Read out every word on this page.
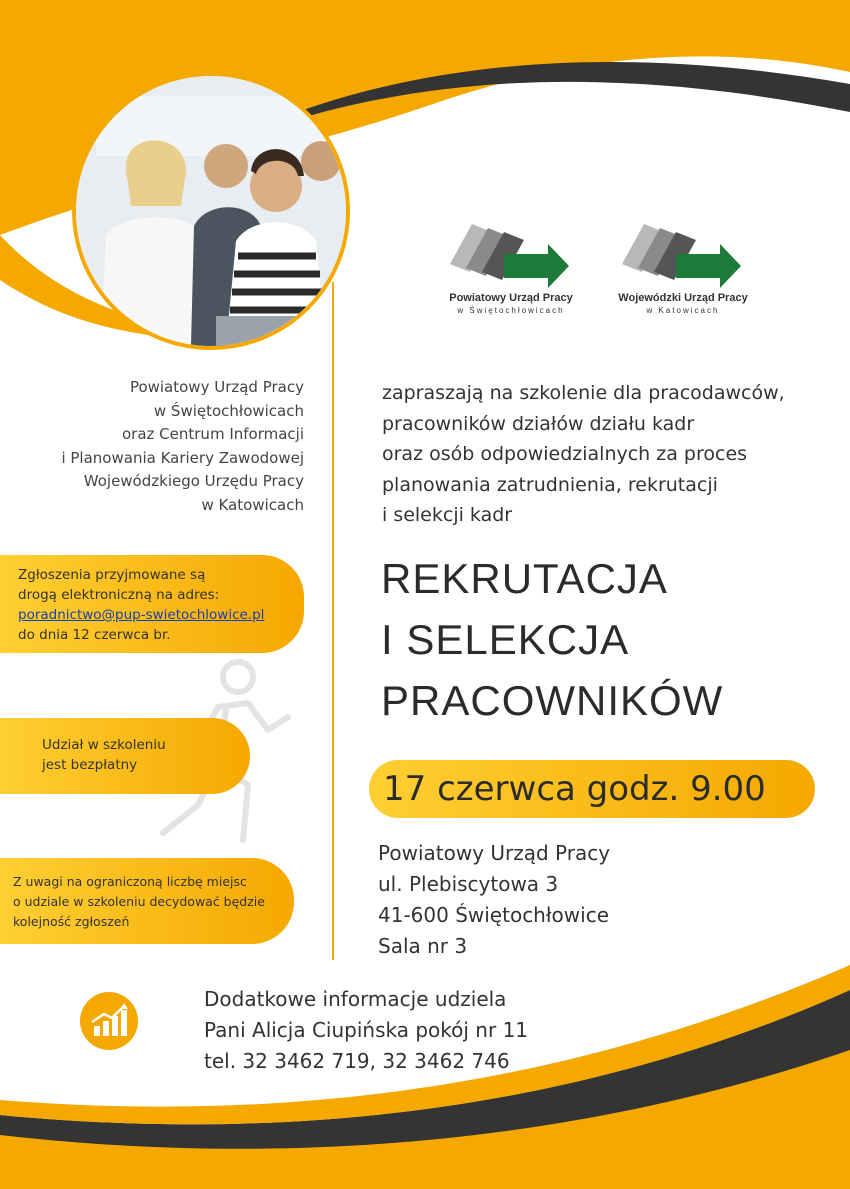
Powiatowy Urząd Pracy
w Świętochłowicach
Wojewódzki Urząd Pracy
w Katowicach
Powiatowy Urząd Pracy
w Świętochłowicach
oraz Centrum Informacji
i Planowania Kariery Zawodowej
Wojewódzkiego Urzędu Pracy
w Katowicach
Zgłoszenia przyjmowane są
drogą elektroniczną na adres:
poradnictwo@pup-swietochlowice.pl
do dnia 12 czerwca br.
Udział w szkoleniu
jest bezpłatny
Z uwagi na ograniczoną liczbę miejsc
o udziale w szkoleniu decydować będzie
kolejność zgłoszeń
zapraszają na szkolenie dla pracodawców,
pracowników działów działu kadr
oraz osób odpowiedzialnych za proces
planowania zatrudnienia, rekrutacji
i selekcji kadr
REKRUTACJA
I SELEKCJA
PRACOWNIKÓW
17 czerwca godz. 9.00
Powiatowy Urząd Pracy
ul. Plebiscytowa 3
41-600 Świętochłowice
Sala nr 3
Dodatkowe informacje udziela
Pani Alicja Ciupińska pokój nr 11
tel. 32 3462 719, 32 3462 746
